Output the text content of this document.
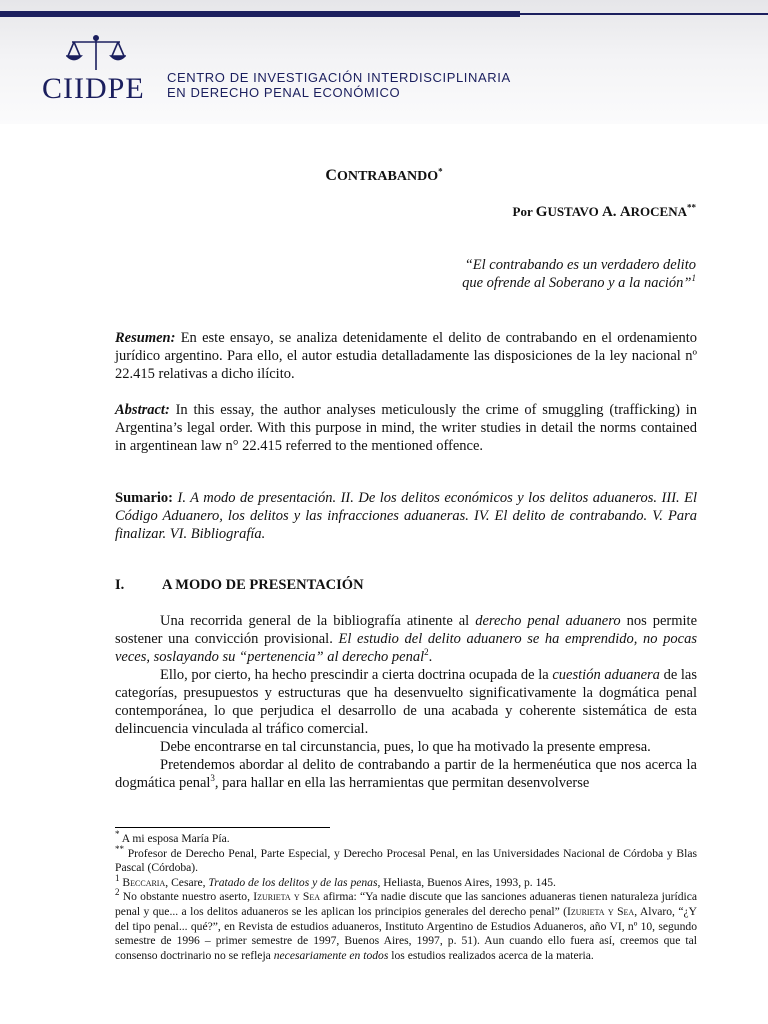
CIIDPE CENTRO DE INVESTIGACIÓN INTERDISCIPLINARIA
EN DERECHO PENAL ECONÓMICO
CONTRABANDO*
Por GUSTAVO A. AROCENA**
“El contrabando es un verdadero delito
que ofrende al Soberano y a la nación”$^1$
Resumen: En este ensayo, se analiza detenidamente el delito de contrabando en el ordenamiento jurídico argentino. Para ello, el autor estudia detalladamente las disposiciones de la ley nacional nº 22.415 relativas a dicho ilícito.
Abstract: In this essay, the author analyses meticulously the crime of smuggling (trafficking) in Argentina’s legal order. With this purpose in mind, the writer studies in detail the norms contained in argentinean law n° 22.415 referred to the mentioned offence.
Sumario: I. A modo de presentación. II. De los delitos económicos y los delitos aduaneros. III. El Código Aduanero, los delitos y las infracciones aduaneras. IV. El delito de contrabando. V. Para finalizar. VI. Bibliografía.
I.	A MODO DE PRESENTACIÓN

Una recorrida general de la bibliografía atinente al derecho penal aduanero nos permite sostener una convicción provisional. El estudio del delito aduanero se ha emprendido, no pocas veces, soslayando su “pertenencia” al derecho penal$^2$.

Ello, por cierto, ha hecho prescindir a cierta doctrina ocupada de la cuestión aduanera de las categorías, presupuestos y estructuras que ha desenvuelto significativamente la dogmática penal contemporánea, lo que perjudica el desarrollo de una acabada y coherente sistemática de esta delincuencia vinculada al tráfico comercial.

Debe encontrarse en tal circunstancia, pues, lo que ha motivado la presente empresa.

Pretendemos abordar al delito de contrabando a partir de la hermenéutica que nos acerca la dogmática penal$^3$, para hallar en ella las herramientas que permitan desenvolverse

* A mi esposa María Pía.

** Profesor de Derecho Penal, Parte Especial, y Derecho Procesal Penal, en las Universidades Nacional de Córdoba y Blas Pascal (Córdoba).

$^1$ Beccaria, Cesare, Tratado de los delitos y de las penas, Heliasta, Buenos Aires, 1993, p. 145.

$^2$ No obstante nuestro aserto, Izurieta y Sea afirma: “Ya nadie discute que las sanciones aduaneras tienen naturaleza jurídica penal y que... a los delitos aduaneros se les aplican los principios generales del derecho penal” (Izurieta y Sea, Alvaro, “¿Y del tipo penal... qué?”, en Revista de estudios aduaneros, Instituto Argentino de Estudios Aduaneros, año VI, nº 10, segundo semestre de 1996 – primer semestre de 1997, Buenos Aires, 1997, p. 51). Aun cuando ello fuera así, creemos que tal consenso doctrinario no se refleja necesariamente en todos los estudios realizados acerca de la materia.
